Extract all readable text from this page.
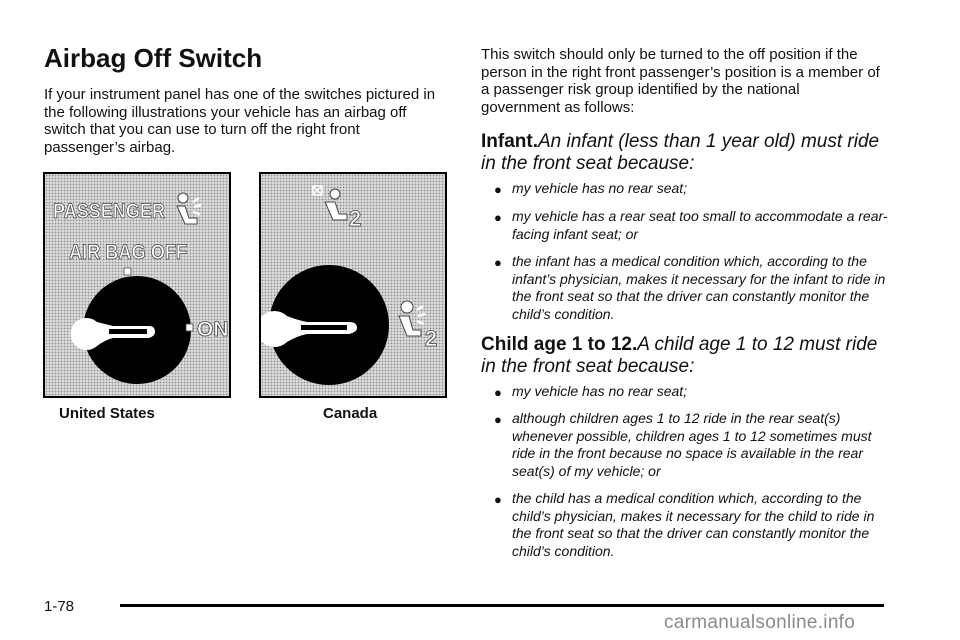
Airbag Off Switch

If your instrument panel has one of the switches pictured in the following illustrations your vehicle has an airbag off switch that you can use to turn off the right front passenger’s airbag.

PASSENGER
AIR BAG OFF
ON

United States

2
2

Canada

This switch should only be turned to the off position if the person in the right front passenger’s position is a member of a passenger risk group identified by the national government as follows:

Infant.An infant (less than 1 year old) must ride in the front seat because:

● my vehicle has no rear seat;
● my vehicle has a rear seat too small to accommodate a rear-facing infant seat; or
● the infant has a medical condition which, according to the infant’s physician, makes it necessary for the infant to ride in the front seat so that the driver can constantly monitor the child’s condition.

Child age 1 to 12.A child age 1 to 12 must ride in the front seat because:

● my vehicle has no rear seat;
● although children ages 1 to 12 ride in the rear seat(s) whenever possible, children ages 1 to 12 sometimes must ride in the front because no space is available in the rear seat(s) of my vehicle; or
● the child has a medical condition which, according to the child’s physician, makes it necessary for the child to ride in the front seat so that the driver can constantly monitor the child’s condition.

1-78

carmanualsonline.info
